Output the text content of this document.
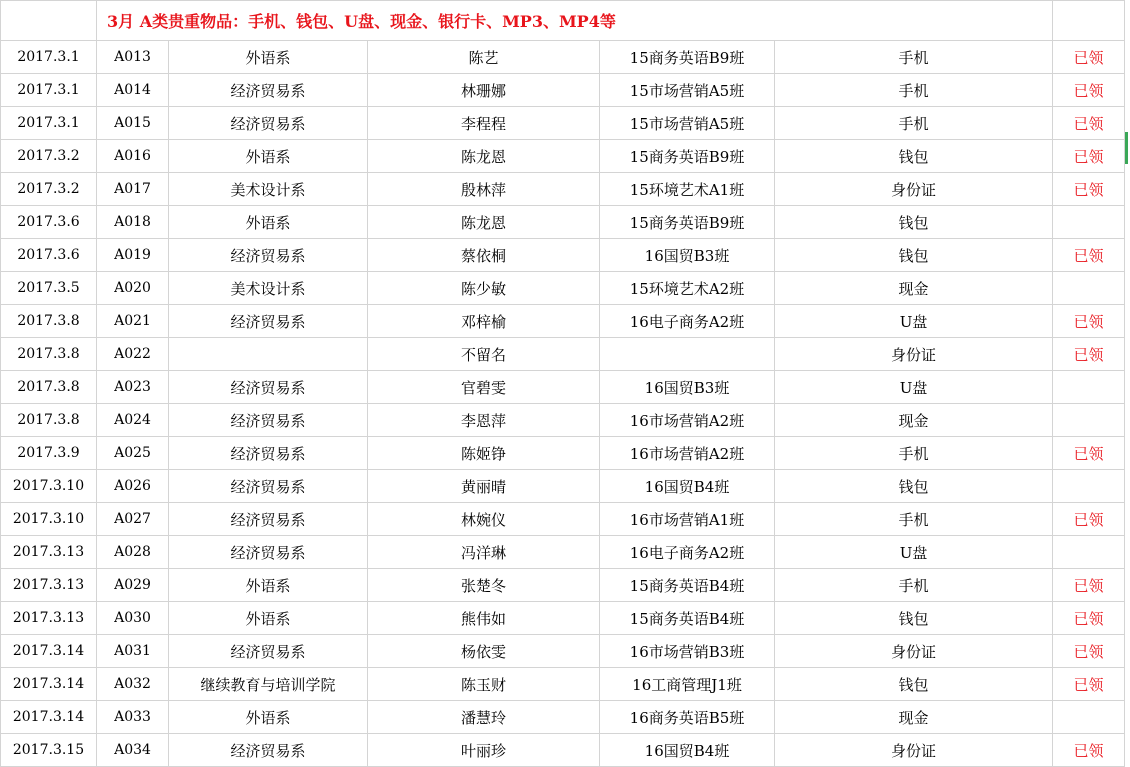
	3月 A类贵重物品：手机、钱包、U盘、现金、银行卡、MP3、MP4等					
2017.3.1	A013	外语系	陈艺	15商务英语B9班	手机	已领
2017.3.1	A014	经济贸易系	林珊娜	15市场营销A5班	手机	已领
2017.3.1	A015	经济贸易系	李程程	15市场营销A5班	手机	已领
2017.3.2	A016	外语系	陈龙恩	15商务英语B9班	钱包	已领
2017.3.2	A017	美术设计系	殷林萍	15环境艺术A1班	身份证	已领
2017.3.6	A018	外语系	陈龙恩	15商务英语B9班	钱包	
2017.3.6	A019	经济贸易系	蔡依桐	16国贸B3班	钱包	已领
2017.3.5	A020	美术设计系	陈少敏	15环境艺术A2班	现金	
2017.3.8	A021	经济贸易系	邓梓榆	16电子商务A2班	U盘	已领
2017.3.8	A022		不留名		身份证	已领
2017.3.8	A023	经济贸易系	官碧雯	16国贸B3班	U盘	
2017.3.8	A024	经济贸易系	李恩萍	16市场营销A2班	现金	
2017.3.9	A025	经济贸易系	陈姬铮	16市场营销A2班	手机	已领
2017.3.10	A026	经济贸易系	黄丽晴	16国贸B4班	钱包	
2017.3.10	A027	经济贸易系	林婉仪	16市场营销A1班	手机	已领
2017.3.13	A028	经济贸易系	冯洋琳	16电子商务A2班	U盘	
2017.3.13	A029	外语系	张楚冬	15商务英语B4班	手机	已领
2017.3.13	A030	外语系	熊伟如	15商务英语B4班	钱包	已领
2017.3.14	A031	经济贸易系	杨依雯	16市场营销B3班	身份证	已领
2017.3.14	A032	继续教育与培训学院	陈玉财	16工商管理J1班	钱包	已领
2017.3.14	A033	外语系	潘慧玲	16商务英语B5班	现金	
2017.3.15	A034	经济贸易系	叶丽珍	16国贸B4班	身份证	已领
